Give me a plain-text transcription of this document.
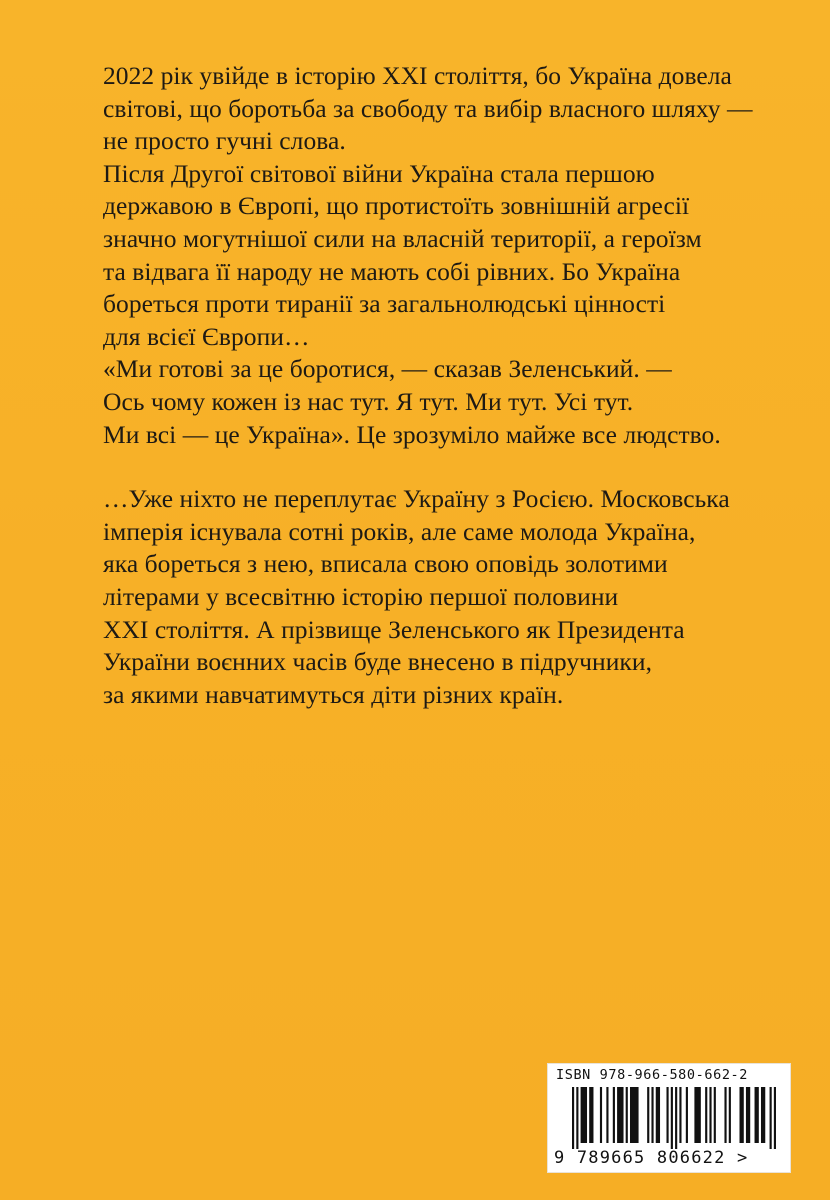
2022 рік увійде в історію XXI століття, бо Україна довела
світові, що боротьба за свободу та вибір власного шляху —
не просто гучні слова.
Після Другої світової війни Україна стала першою
державою в Європі, що протистоїть зовнішній агресії
значно могутнішої сили на власній території, а героїзм
та відвага її народу не мають собі рівних. Бо Україна
бореться проти тиранії за загальнолюдські цінності
для всієї Європи…
«Ми готові за це боротися, — сказав Зеленський. —
Ось чому кожен із нас тут. Я тут. Ми тут. Усі тут.
Ми всі — це Україна». Це зрозуміло майже все людство.
…Уже ніхто не переплутає Україну з Росією. Московська
імперія існувала сотні років, але саме молода Україна,
яка бореться з нею, вписала свою оповідь золотими
літерами у всесвітню історію першої половини
XXI століття. А прізвище Зеленського як Президента
України воєнних часів буде внесено в підручники,
за якими навчатимуться діти різних країн.
ISBN 978-966-580-662-2
9 789665 806622 >
